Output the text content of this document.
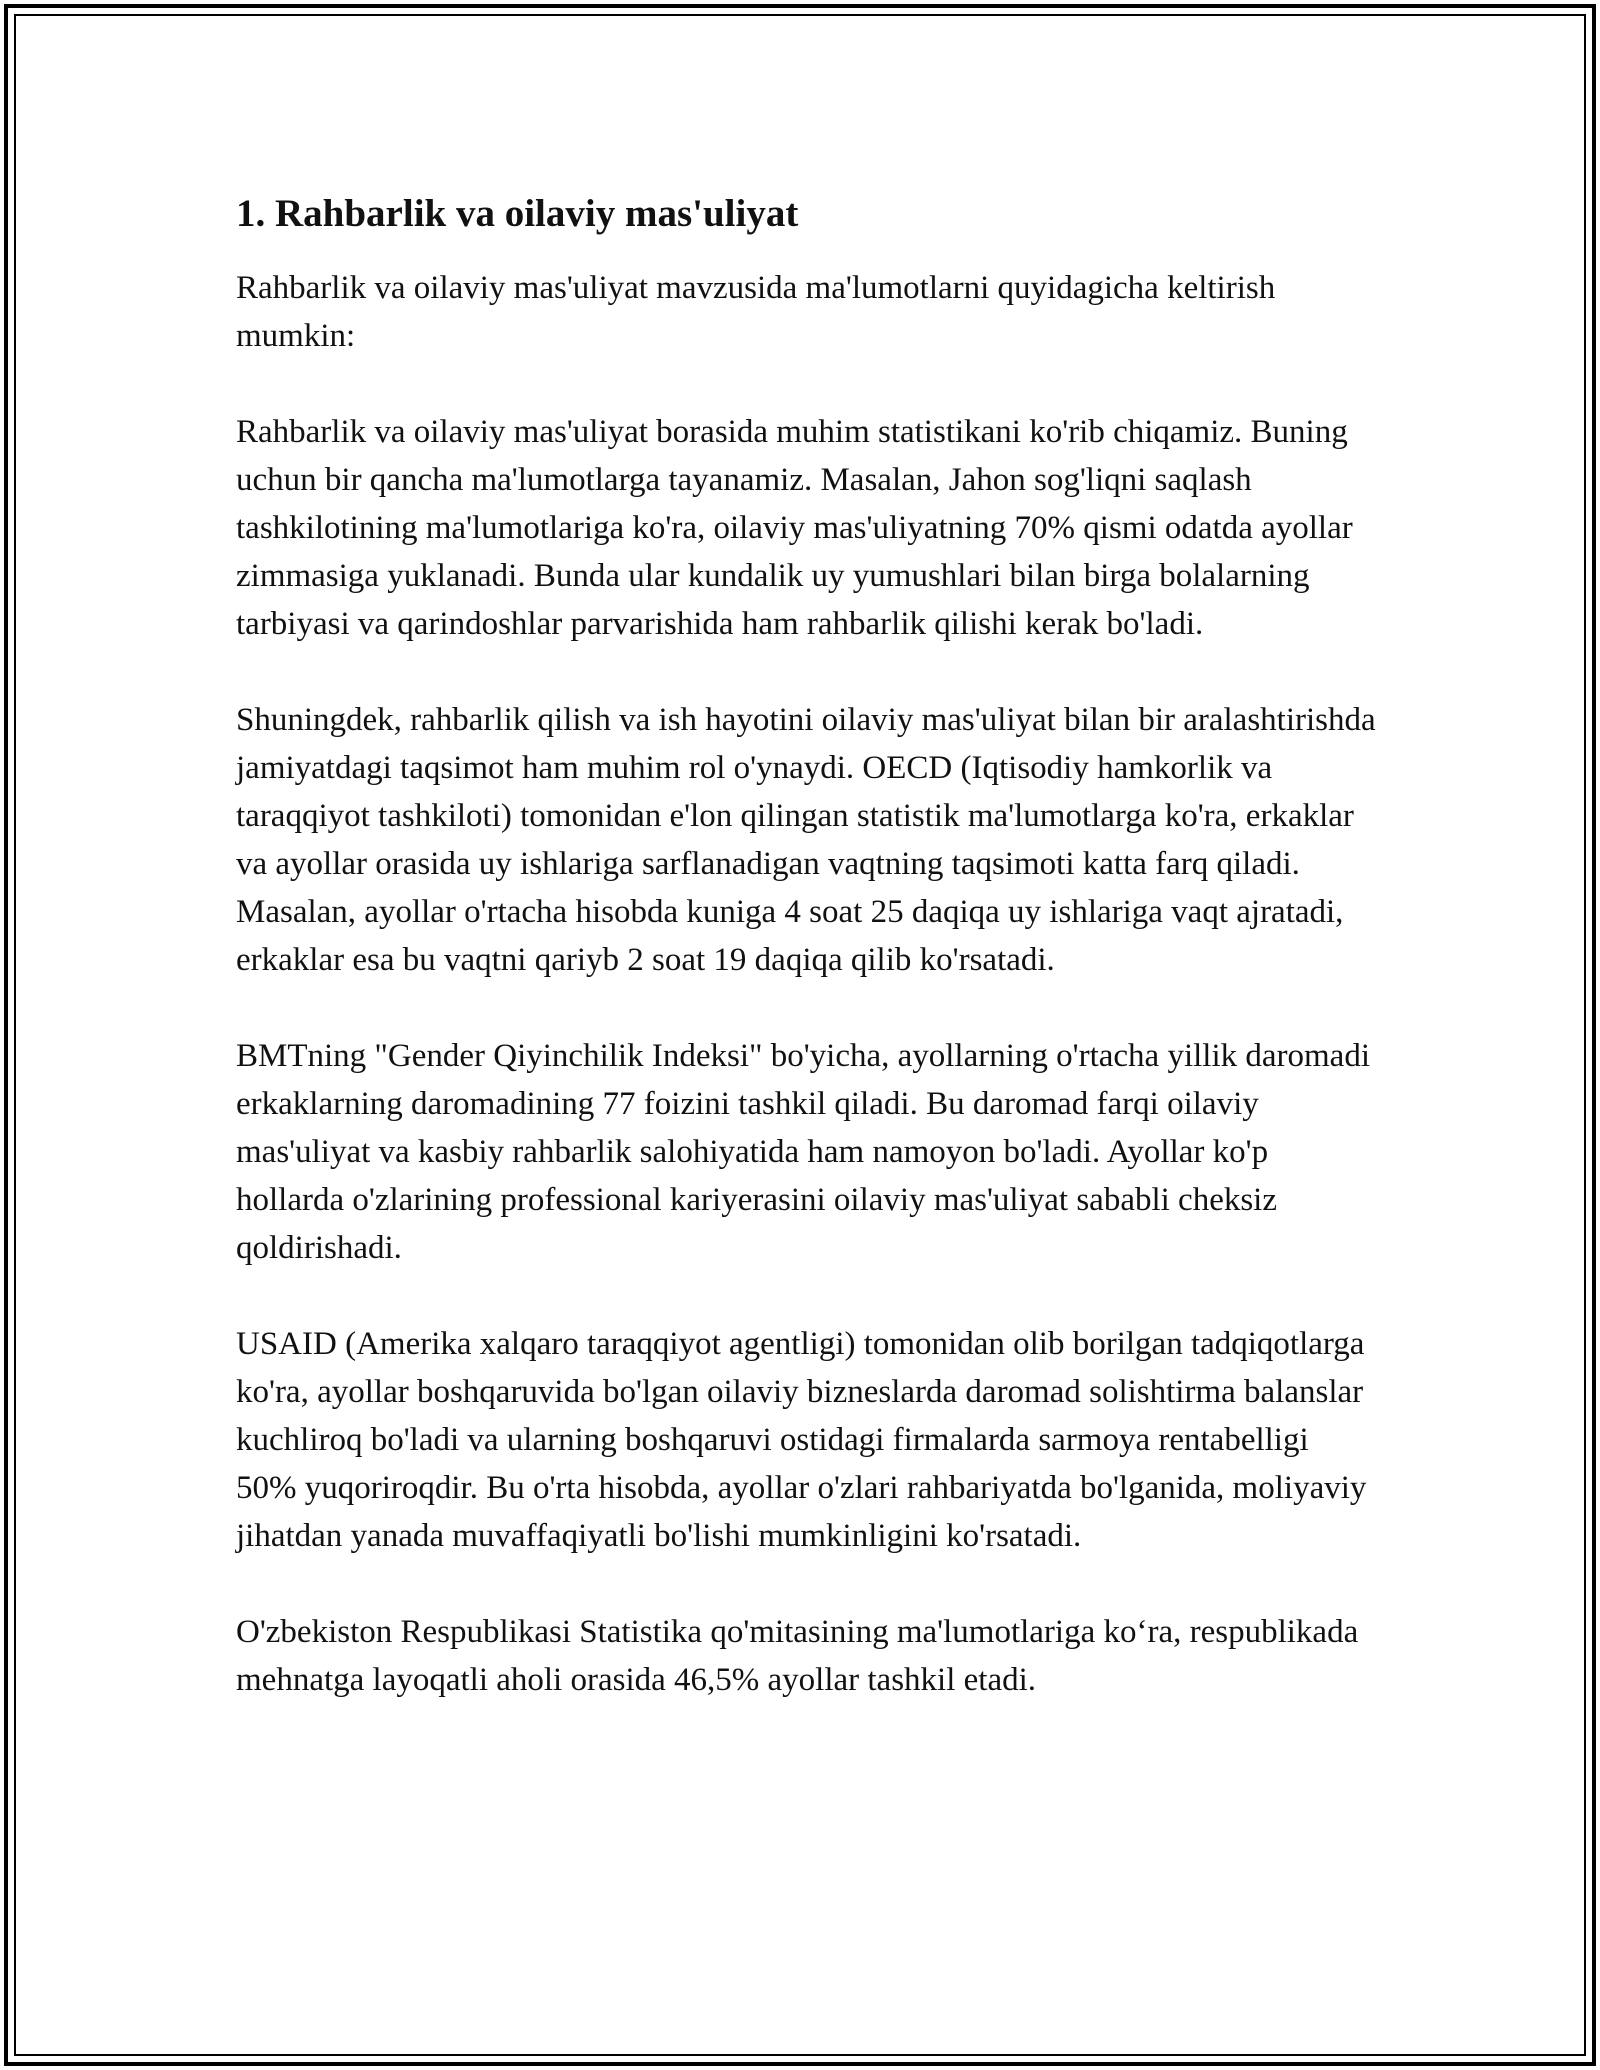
1. Rahbarlik va oilaviy mas'uliyat

Rahbarlik va oilaviy mas'uliyat mavzusida ma'lumotlarni quyidagicha keltirish mumkin:

Rahbarlik va oilaviy mas'uliyat borasida muhim statistikani ko'rib chiqamiz. Buning uchun bir qancha ma'lumotlarga tayanamiz. Masalan, Jahon sog'liqni saqlash tashkilotining ma'lumotlariga ko'ra, oilaviy mas'uliyatning 70% qismi odatda ayollar zimmasiga yuklanadi. Bunda ular kundalik uy yumushlari bilan birga bolalarning tarbiyasi va qarindoshlar parvarishida ham rahbarlik qilishi kerak bo'ladi.

Shuningdek, rahbarlik qilish va ish hayotini oilaviy mas'uliyat bilan bir aralashtirishda jamiyatdagi taqsimot ham muhim rol o'ynaydi. OECD (Iqtisodiy hamkorlik va taraqqiyot tashkiloti) tomonidan e'lon qilingan statistik ma'lumotlarga ko'ra, erkaklar va ayollar orasida uy ishlariga sarflanadigan vaqtning taqsimoti katta farq qiladi. Masalan, ayollar o'rtacha hisobda kuniga 4 soat 25 daqiqa uy ishlariga vaqt ajratadi, erkaklar esa bu vaqtni qariyb 2 soat 19 daqiqa qilib ko'rsatadi.

BMTning "Gender Qiyinchilik Indeksi" bo'yicha, ayollarning o'rtacha yillik daromadi erkaklarning daromadining 77 foizini tashkil qiladi. Bu daromad farqi oilaviy mas'uliyat va kasbiy rahbarlik salohiyatida ham namoyon bo'ladi. Ayollar ko'p hollarda o'zlarining professional kariyerasini oilaviy mas'uliyat sababli cheksiz qoldirishadi.

USAID (Amerika xalqaro taraqqiyot agentligi) tomonidan olib borilgan tadqiqotlarga ko'ra, ayollar boshqaruvida bo'lgan oilaviy bizneslarda daromad solishtirma balanslar kuchliroq bo'ladi va ularning boshqaruvi ostidagi firmalarda sarmoya rentabelligi 50% yuqoriroqdir. Bu o'rta hisobda, ayollar o'zlari rahbariyatda bo'lganida, moliyaviy jihatdan yanada muvaffaqiyatli bo'lishi mumkinligini ko'rsatadi.

O'zbekiston Respublikasi Statistika qo'mitasining ma'lumotlariga ko‘ra, respublikada mehnatga layoqatli aholi orasida 46,5% ayollar tashkil etadi.
